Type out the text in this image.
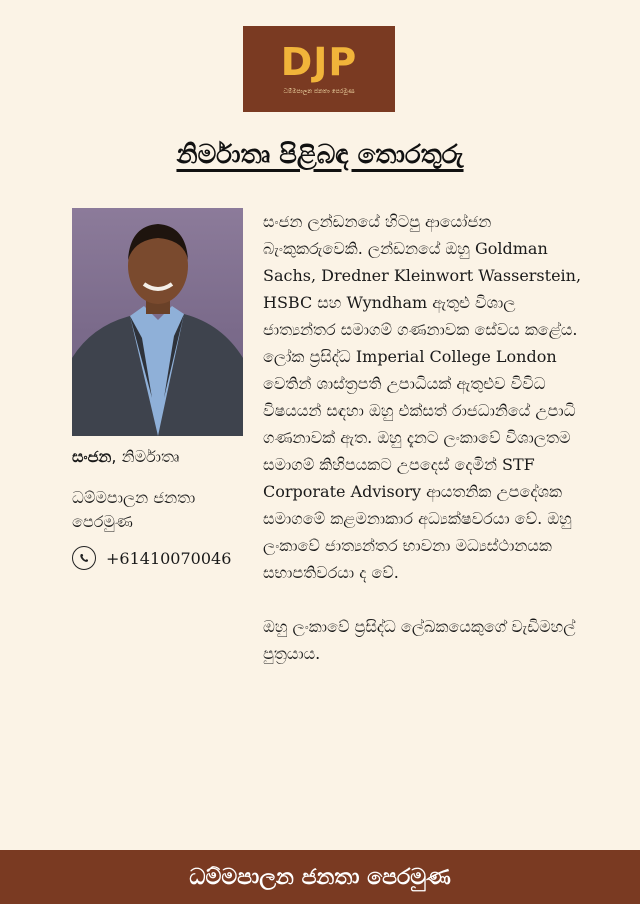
DJP
ධම්මපාලන ජනතා පෙරමුණ
නිර්මාතෘ පිළිබඳ තොරතුරු
සංජන, නිර්මාතෘ
ධම්මපාලන ජනතා පෙරමුණ
+61410070046

සංජන ලන්ඩනයේ හිටපු ආයෝජන බැංකුකරුවෙකි. ලන්ඩනයේ ඔහු Goldman Sachs, Dredner Kleinwort Wasserstein, HSBC සහ Wyndham ඇතුළු විශාල ජාත්‍යන්තර සමාගම් ගණනාවක සේවය කළේය. ලෝක ප්‍රසිද්ධ Imperial College London වෙතින් ශාස්ත්‍රපති උපාධියක් ඇතුළුව විවිධ විෂයයන් සඳහා ඔහු එක්සත් රාජධානියේ උපාධි ගණනාවක් ඇත. ඔහු දැනට ලංකාවේ විශාලතම සමාගම් කිහිපයකට උපදෙස් දෙමින් STF Corporate Advisory ආයතනික උපදේශක සමාගමේ කළමනාකාර අධ්‍යක්ෂවරයා වේ. ඔහු ලංකාවේ ජාත්‍යන්තර භාවනා මධ්‍යස්ථානයක සභාපතිවරයා ද වේ.

ඔහු ලංකාවේ ප්‍රසිද්ධ ලේඛකයෙකුගේ වැඩිමහල් පුත්‍රයාය.

ධම්මපාලන ජනතා පෙරමුණ
